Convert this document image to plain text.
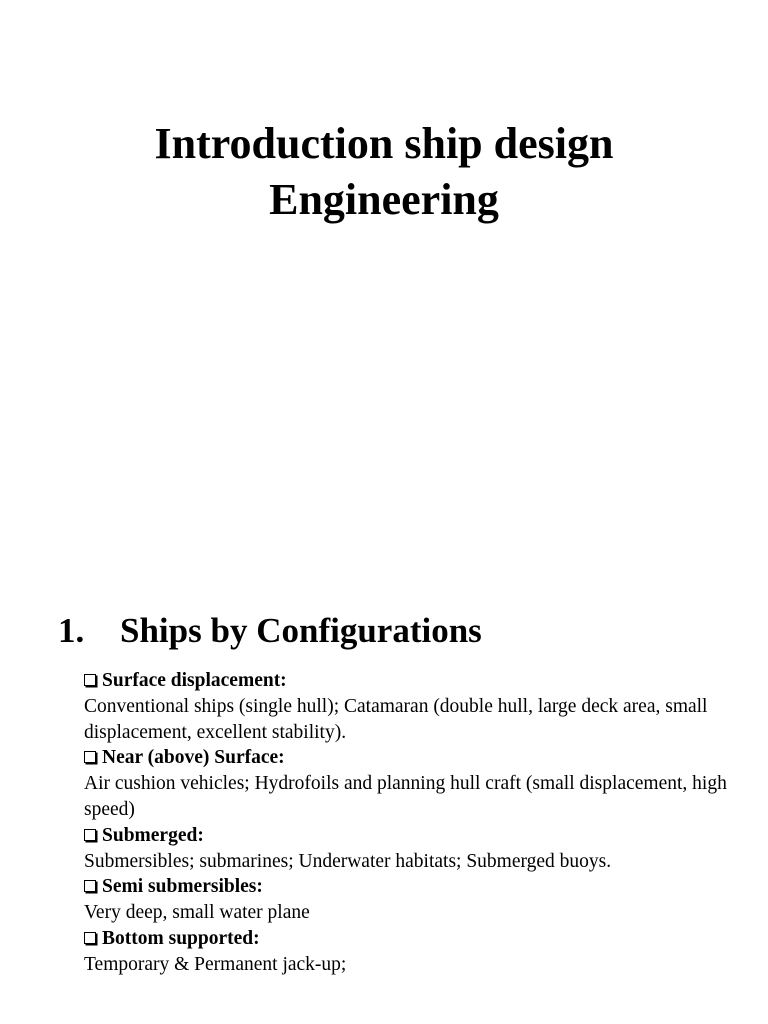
Introduction ship design
Engineering
1. Ships by Configurations
Surface displacement:
Conventional ships (single hull); Catamaran (double hull, large deck area, small displacement, excellent stability).
Near (above) Surface:
Air cushion vehicles; Hydrofoils and planning hull craft (small displacement, high speed)
Submerged:
Submersibles; submarines; Underwater habitats; Submerged buoys.
Semi submersibles:
Very deep, small water plane
Bottom supported:
Temporary & Permanent jack-up;
